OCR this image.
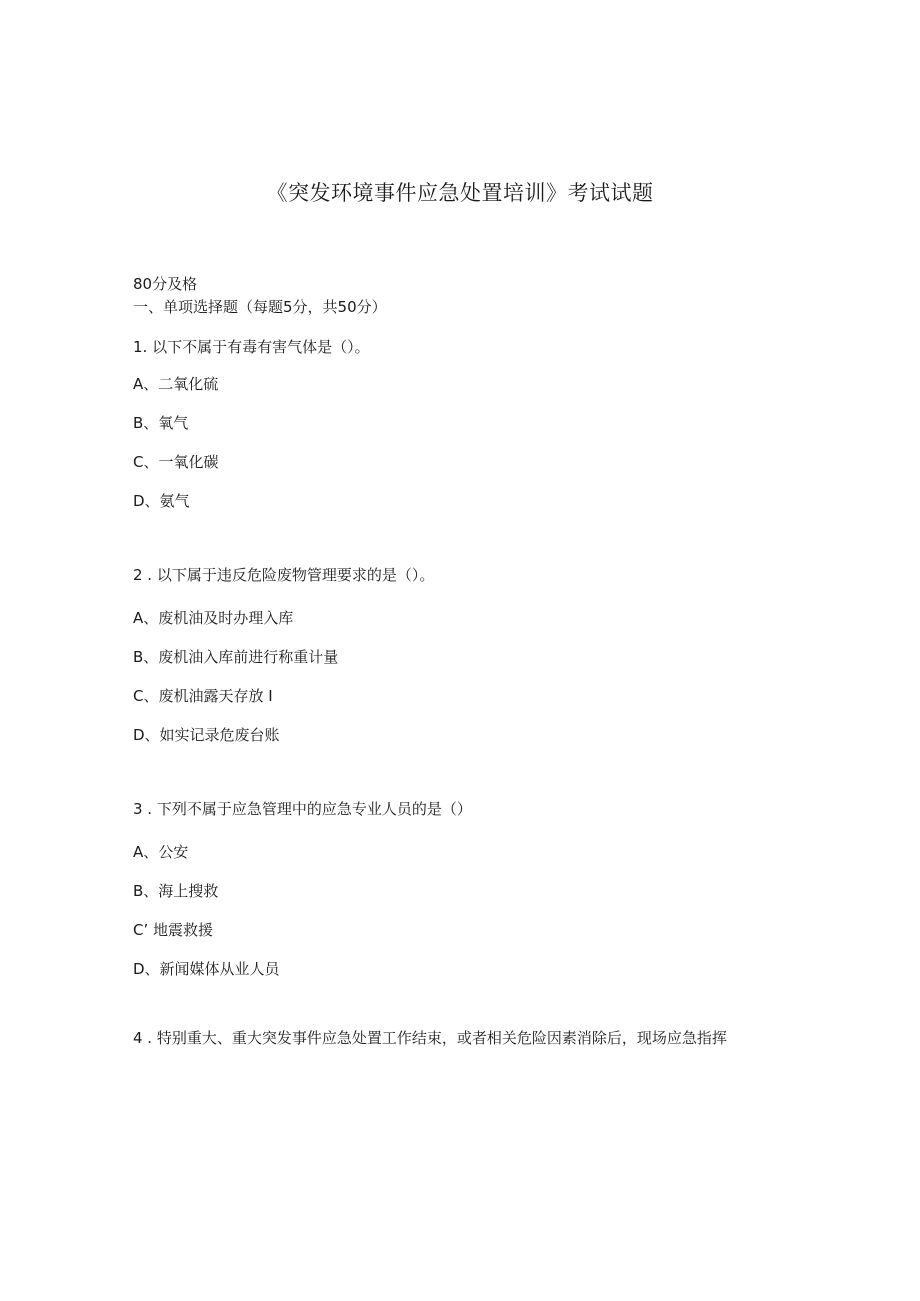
《突发环境事件应急处置培训》考试试题
80分及格
一、单项选择题（每题5分，共50分）
1. 以下不属于有毒有害气体是（）。
A、二氧化硫
B、氧气
C、一氧化碳
D、氨气
2 . 以下属于违反危险废物管理要求的是（）。
A、废机油及时办理入库
B、废机油入库前进行称重计量
C、废机油露天存放 I
D、如实记录危废台账
3 . 下列不属于应急管理中的应急专业人员的是（）
A、公安
B、海上搜救
C’ 地震救援
D、新闻媒体从业人员
4 . 特别重大、重大突发事件应急处置工作结束，或者相关危险因素消除后，现场应急指挥
